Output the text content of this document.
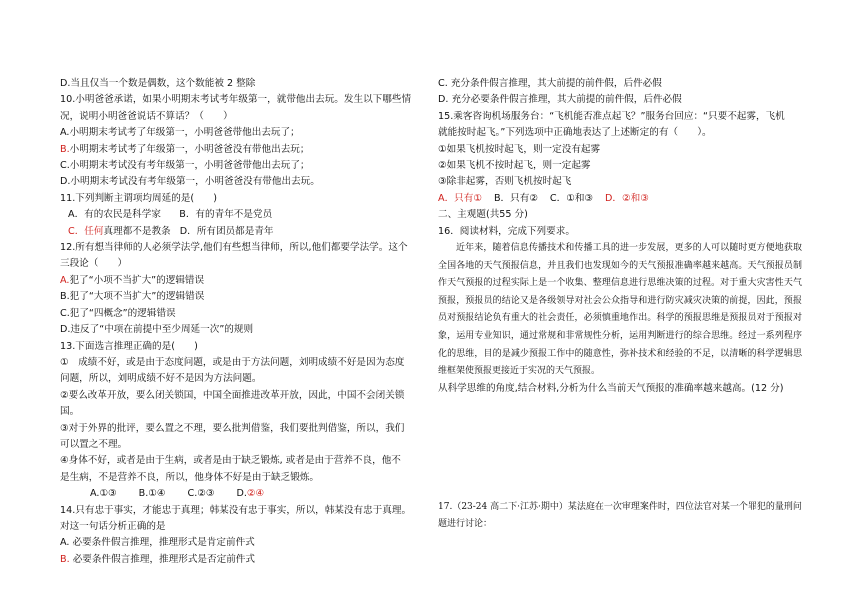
D.当且仅当一个数是偶数，这个数能被 2 整除
10.小明爸爸承诺，如果小明期末考试考年级第一，就带他出去玩。发生以下哪些情
况，说明小明爸爸说话不算话？（　　）
A.小明期末考试考了年级第一，小明爸爸带他出去玩了；
B.小明期末考试考了年级第一，小明爸爸没有带他出去玩；
C.小明期末考试没有考年级第一，小明爸爸带他出去玩了；
D.小明期末考试没有考年级第一，小明爸爸没有带他出去玩。
11.下列判断主谓项均周延的是(　　)
A．有的农民是科学家 B．有的青年不是党员
C．任何真理都不是教条 D．所有团员都是青年
12.所有想当律师的人必须学法学,他们有些想当律师，所以,他们都要学法学。这个
三段论（　　）
A.犯了“小项不当扩大”的逻辑错误
B.犯了“大项不当扩大”的逻辑错误
C.犯了“四概念”的逻辑错误
D.违反了“中项在前提中至少周延一次”的规则
13.下面选言推理正确的是(　　)
①　成绩不好，或是由于态度问题，或是由于方法问题，刘明成绩不好是因为态度
问题，所以，刘明成绩不好不是因为方法问题。
②要么改革开放，要么闭关锁国，中国全面推进改革开放，因此，中国不会闭关锁
国。
③对于外界的批评，要么置之不理，要么批判借鉴，我们要批判借鉴，所以，我们
可以置之不理。
④身体不好，或者是由于生病，或者是由于缺乏锻炼, 或者是由于营养不良，他不
是生病，不是营养不良，所以，他身体不好是由于缺乏锻炼。
A.①③	B.①④	C.②③	D.②④
14.只有忠于事实，才能忠于真理；韩某没有忠于事实，所以，韩某没有忠于真理。
对这一句话分析正确的是
A. 必要条件假言推理，推理形式是肯定前件式
B. 必要条件假言推理，推理形式是否定前件式
C. 充分条件假言推理，其大前提的前件假，后件必假
D. 充分必要条件假言推理，其大前提的前件假，后件必假
15.乘客咨询机场服务台：“飞机能否准点起飞？”服务台回应：“只要不起雾，飞机
就能按时起飞。”下列选项中正确地表达了上述断定的有（　　）。
①如果飞机按时起飞，则一定没有起雾
②如果飞机不按时起飞，则一定起雾
③除非起雾，否则飞机按时起飞
A．只有① B．只有② C．①和③ D．②和③
二、主观题(共55 分)
16．阅读材料，完成下列要求。
近年来，随着信息传播技术和传播工具的进一步发展，更多的人可以随时更方便地获取全国各地的天气预报信息，并且我们也发现如今的天气预报准确率越来越高。天气预报员制作天气预报的过程实际上是一个收集、整理信息进行思维决策的过程。对于重大灾害性天气预报，预报员的结论又是各级领导对社会公众指导和进行防灾减灾决策的前提，因此，预报员对预报结论负有重大的社会责任，必须慎重地作出。科学的预报思维是预报员对于预报对象，运用专业知识，通过常规和非常规性分析，运用判断进行的综合思维。经过一系列程序化的思维，目的是减少预报工作中的随意性，弥补技术和经验的不足，以清晰的科学逻辑思维框架使预报更接近于实况的天气预报。
从科学思维的角度,结合材料,分析为什么当前天气预报的准确率越来越高。(12 分)
17.（23-24 高二下·江苏·期中）某法庭在一次审理案件时，四位法官对某一个罪犯的量刑问题进行讨论：
